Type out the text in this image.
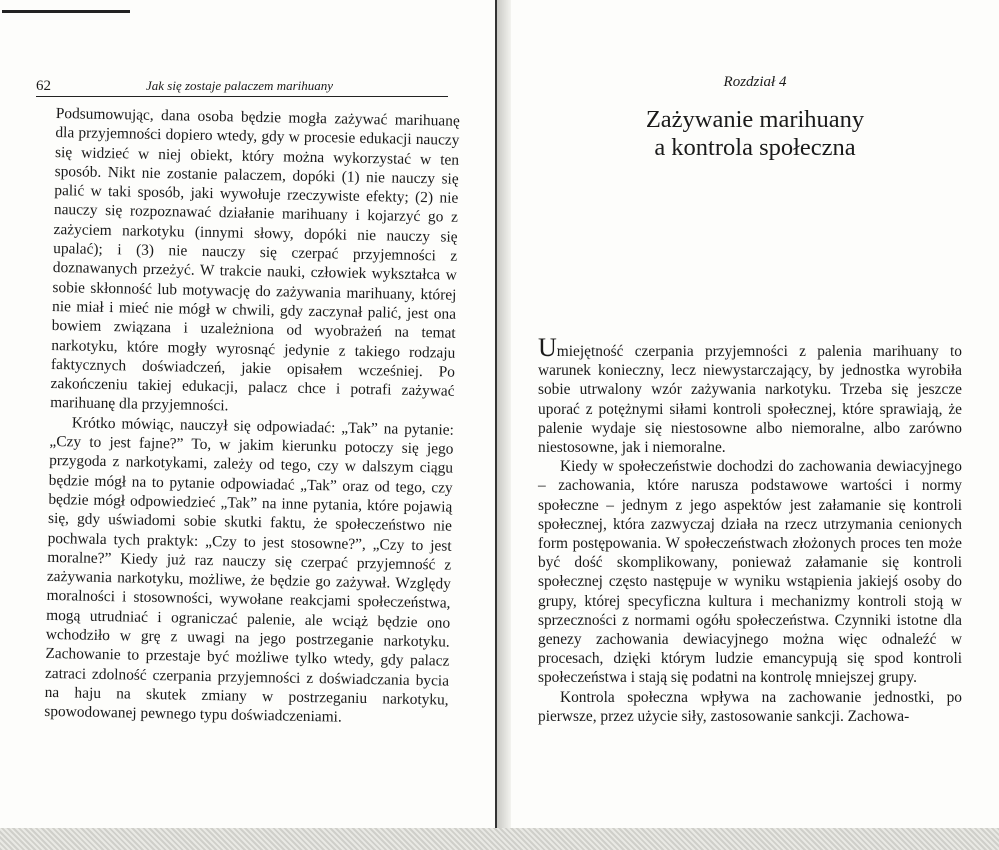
62	Jak się zostaje palaczem marihuany

Podsumowując, dana osoba będzie mogła zażywać marihuanę dla przyjemności dopiero wtedy, gdy w procesie edukacji nauczy się widzieć w niej obiekt, który można wykorzystać w ten sposób. Nikt nie zostanie palaczem, dopóki (1) nie nauczy się palić w taki sposób, jaki wywołuje rzeczywiste efekty; (2) nie nauczy się rozpoznawać działanie marihuany i kojarzyć go z zażyciem narkotyku (innymi słowy, dopóki nie nauczy się upalać); i (3) nie nauczy się czerpać przyjemności z doznawanych przeżyć. W trakcie nauki, człowiek wykształca w sobie skłonność lub motywację do zażywania marihuany, której nie miał i mieć nie mógł w chwili, gdy zaczynał palić, jest ona bowiem związana i uzależniona od wyobrażeń na temat narkotyku, które mogły wyrosnąć jedynie z takiego rodzaju faktycznych doświadczeń, jakie opisałem wcześniej. Po zakończeniu takiej edukacji, palacz chce i potrafi zażywać marihuanę dla przyjemności.

Krótko mówiąc, nauczył się odpowiadać: „Tak” na pytanie: „Czy to jest fajne?” To, w jakim kierunku potoczy się jego przygoda z narkotykami, zależy od tego, czy w dalszym ciągu będzie mógł na to pytanie odpowiadać „Tak” oraz od tego, czy będzie mógł odpowiedzieć „Tak” na inne pytania, które pojawią się, gdy uświadomi sobie skutki faktu, że społeczeństwo nie pochwala tych praktyk: „Czy to jest stosowne?”, „Czy to jest moralne?” Kiedy już raz nauczy się czerpać przyjemność z zażywania narkotyku, możliwe, że będzie go zażywał. Względy moralności i stosowności, wywołane reakcjami społeczeństwa, mogą utrudniać i ograniczać palenie, ale wciąż będzie ono wchodziło w grę z uwagi na jego postrzeganie narkotyku. Zachowanie to przestaje być możliwe tylko wtedy, gdy palacz zatraci zdolność czerpania przyjemności z doświadczania bycia na haju na skutek zmiany w postrzeganiu narkotyku, spowodowanej pewnego typu doświadczeniami.

Rozdział 4
Zażywanie marihuany
a kontrola społeczna

Umiejętność czerpania przyjemności z palenia marihuany to warunek konieczny, lecz niewystarczający, by jednostka wyrobiła sobie utrwalony wzór zażywania narkotyku. Trzeba się jeszcze uporać z potężnymi siłami kontroli społecznej, które sprawiają, że palenie wydaje się niestosowne albo niemoralne, albo zarówno niestosowne, jak i niemoralne.

Kiedy w społeczeństwie dochodzi do zachowania dewiacyjnego – zachowania, które narusza podstawowe wartości i normy społeczne – jednym z jego aspektów jest załamanie się kontroli społecznej, która zazwyczaj działa na rzecz utrzymania cenionych form postępowania. W społeczeństwach złożonych proces ten może być dość skomplikowany, ponieważ załamanie się kontroli społecznej często następuje w wyniku wstąpienia jakiejś osoby do grupy, której specyficzna kultura i mechanizmy kontroli stoją w sprzeczności z normami ogółu społeczeństwa. Czynniki istotne dla genezy zachowania dewiacyjnego można więc odnaleźć w procesach, dzięki którym ludzie emancypują się spod kontroli społeczeństwa i stają się podatni na kontrolę mniejszej grupy.

Kontrola społeczna wpływa na zachowanie jednostki, po pierwsze, przez użycie siły, zastosowanie sankcji. Zachowa-
